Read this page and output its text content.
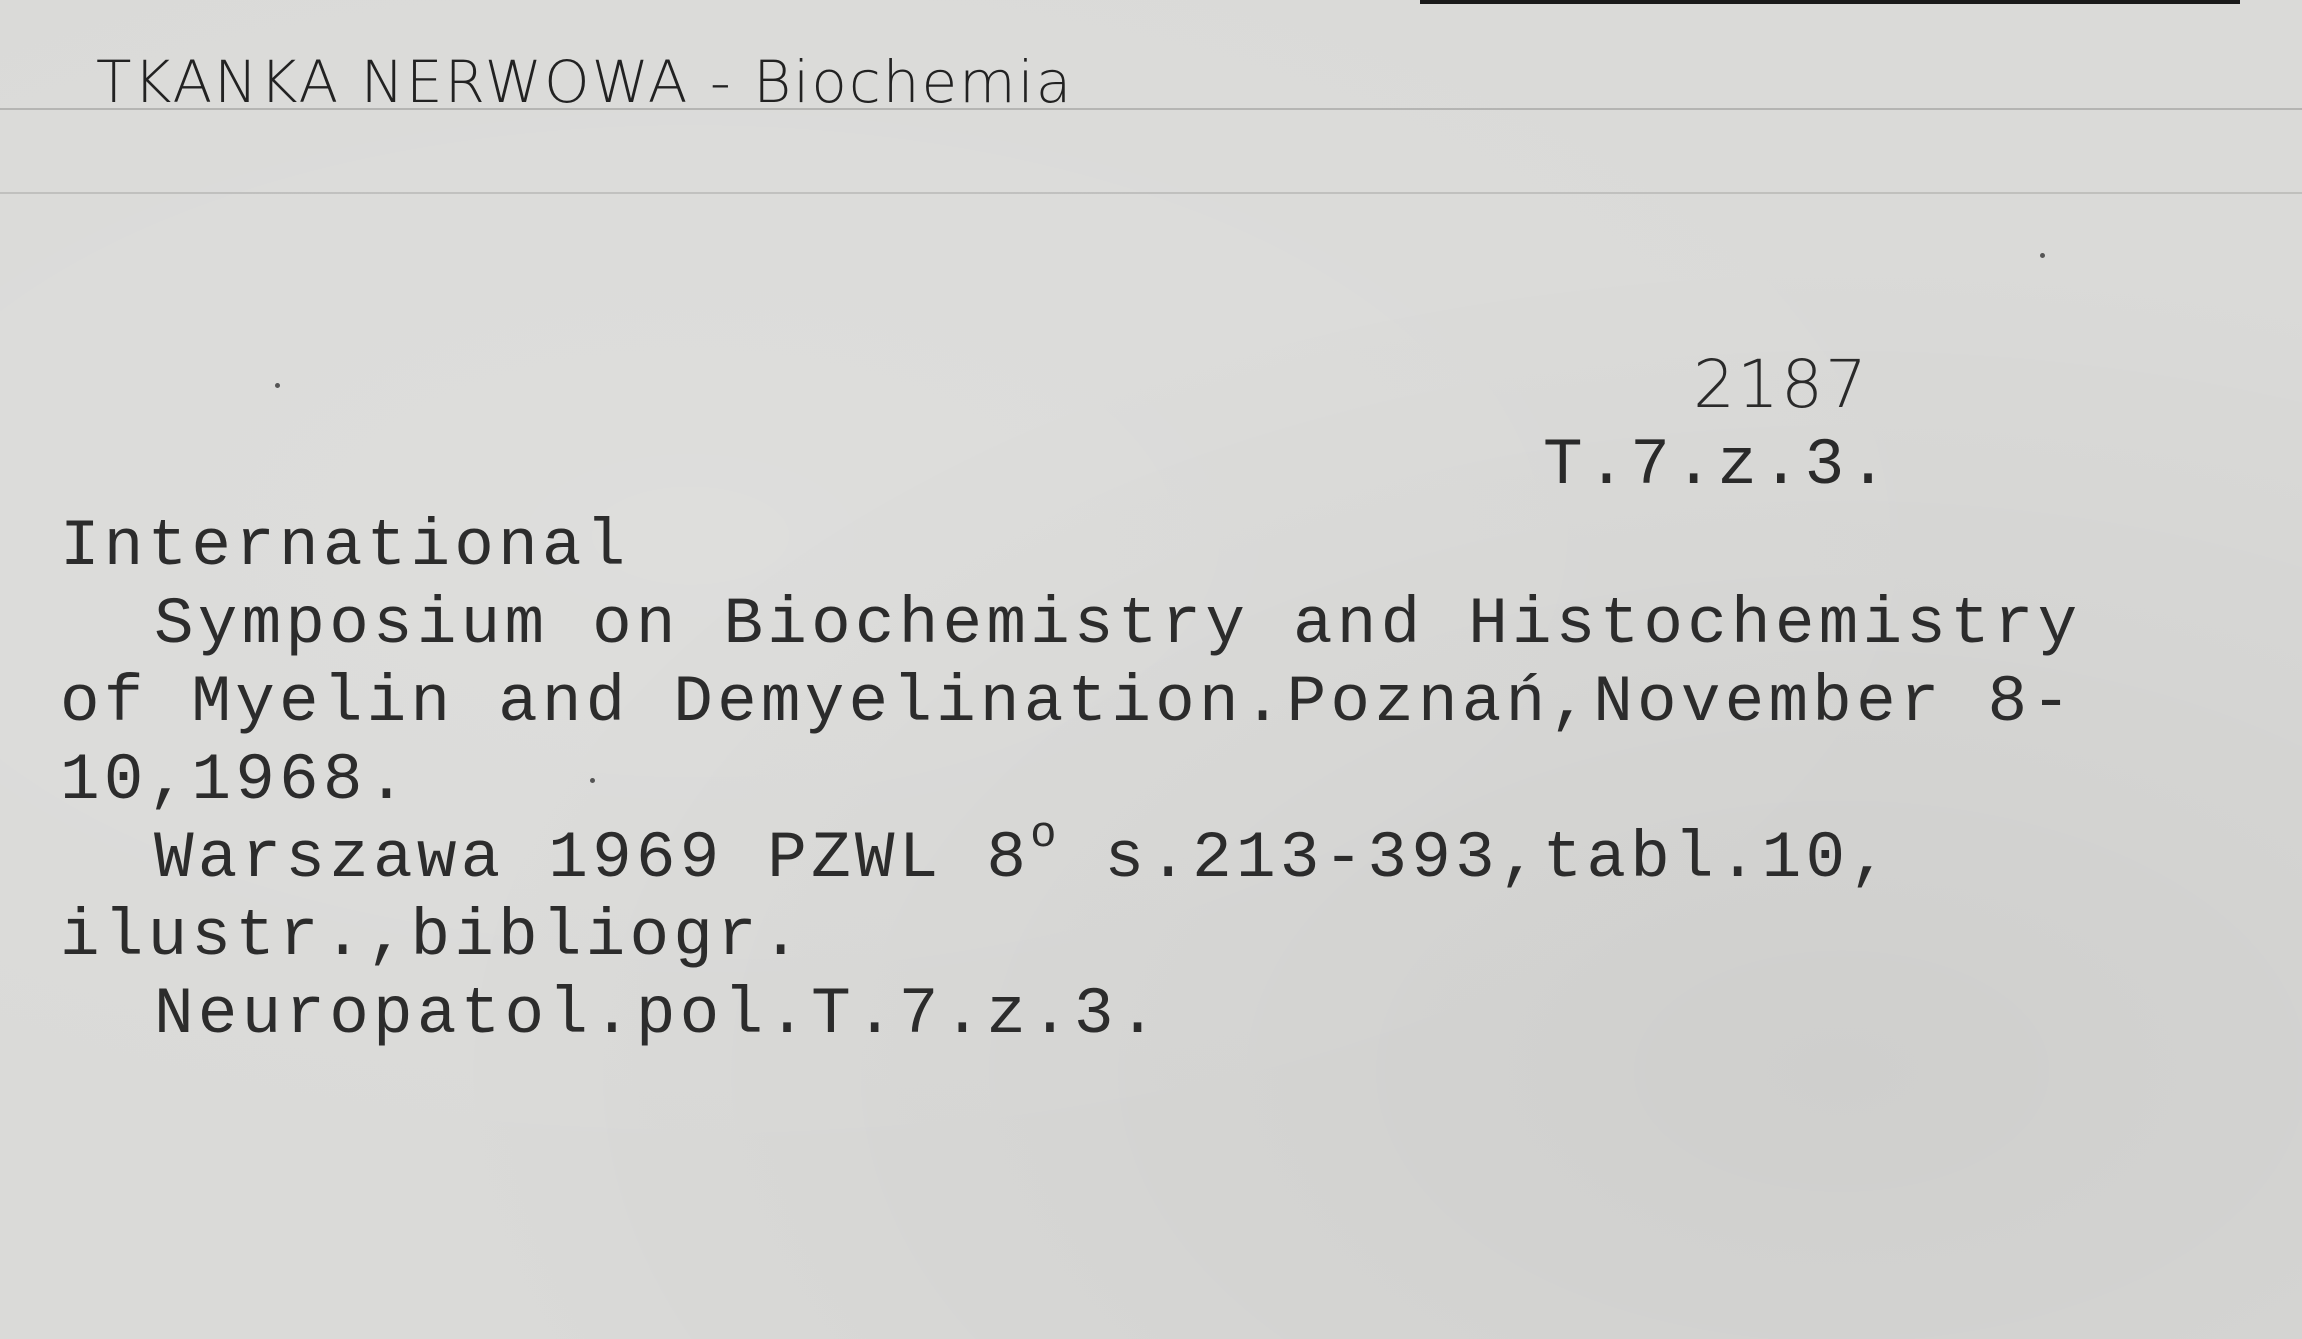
TKANKA NERWOWA - Biochemia
2187
T.7.z.3.
International
Symposium on Biochemistry and Histochemistry
of Myelin and Demyelination.Poznań,November 8-
10,1968.
Warszawa 1969 PZWL 8$^o$ s.213-393,tabl.10,
ilustr.,bibliogr.
Neuropatol.pol.T.7.z.3.
